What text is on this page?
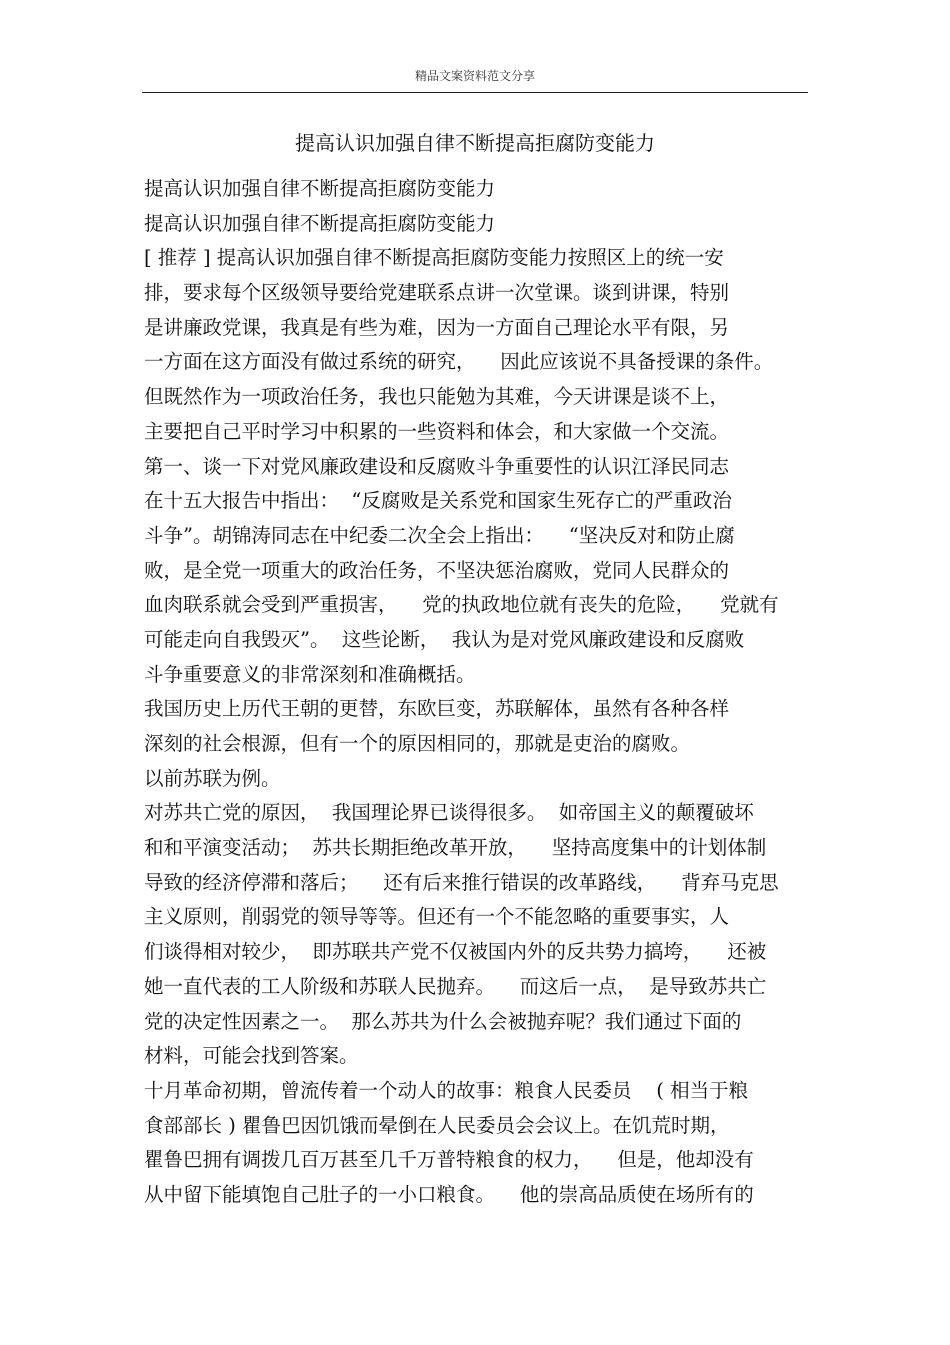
精品文案资料范文分享
提高认识加强自律不断提高拒腐防变能力
提高认识加强自律不断提高拒腐防变能力
提高认识加强自律不断提高拒腐防变能力
[ 推荐 ] 提高认识加强自律不断提高拒腐防变能力按照区上的统一安
排，要求每个区级领导要给党建联系点讲一次堂课。谈到讲课，特别
是讲廉政党课，我真是有些为难，因为一方面自己理论水平有限，另
一方面在这方面没有做过系统的研究，    因此应该说不具备授课的条件。
但既然作为一项政治任务，我也只能勉为其难，今天讲课是谈不上，
主要把自己平时学习中积累的一些资料和体会，和大家做一个交流。
第一、谈一下对党风廉政建设和反腐败斗争重要性的认识江泽民同志
在十五大报告中指出：  “反腐败是关系党和国家生死存亡的严重政治
斗争”。胡锦涛同志在中纪委二次全会上指出：    “坚决反对和防止腐
败，是全党一项重大的政治任务，不坚决惩治腐败，党同人民群众的
血肉联系就会受到严重损害，    党的执政地位就有丧失的危险，    党就有
可能走向自我毁灭”。  这些论断，  我认为是对党风廉政建设和反腐败
斗争重要意义的非常深刻和准确概括。
我国历史上历代王朝的更替，东欧巨变，苏联解体，虽然有各种各样
深刻的社会根源，但有一个的原因相同的，那就是吏治的腐败。
以前苏联为例。
对苏共亡党的原因，  我国理论界已谈得很多。  如帝国主义的颠覆破坏
和和平演变活动；  苏共长期拒绝改革开放，    坚持高度集中的计划体制
导致的经济停滞和落后；    还有后来推行错误的改革路线，    背弃马克思
主义原则，削弱党的领导等等。但还有一个不能忽略的重要事实，人
们谈得相对较少，  即苏联共产党不仅被国内外的反共势力搞垮，    还被
她一直代表的工人阶级和苏联人民抛弃。    而这后一点，  是导致苏共亡
党的决定性因素之一。  那么苏共为什么会被抛弃呢？我们通过下面的
材料，可能会找到答案。
十月革命初期，曾流传着一个动人的故事：粮食人民委员    ( 相当于粮
食部部长 ) 瞿鲁巴因饥饿而晕倒在人民委员会会议上。在饥荒时期，
瞿鲁巴拥有调拨几百万甚至几千万普特粮食的权力，    但是，他却没有
从中留下能填饱自己肚子的一小口粮食。    他的崇高品质使在场所有的
